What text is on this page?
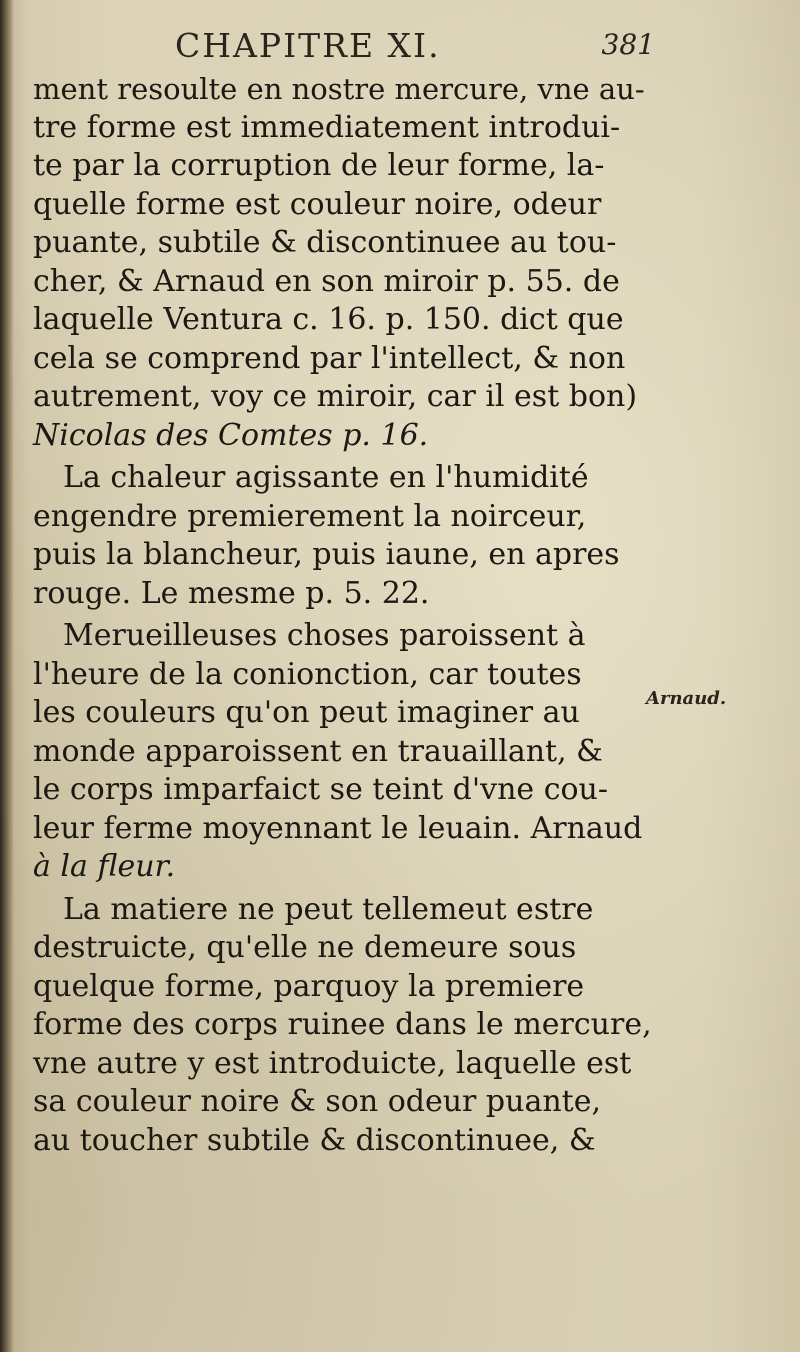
CHAPITRE XI.	381
ment resoulte en nostre mercure, vne au-
tre forme est immediatement introdui-
te par la corruption de leur forme, la-
quelle forme est couleur noire, odeur
puante, subtile & discontinuee au tou-
cher, & Arnaud en son miroir p. 55. de
laquelle Ventura c. 16. p. 150. dict que
cela se comprend par l'intellect, & non
autrement, voy ce miroir, car il est bon)
Nicolas des Comtes p. 16.
La chaleur agissante en l'humidité
engendre premierement la noirceur,
puis la blancheur, puis iaune, en apres
rouge. Le mesme p. 5. 22.
Merueilleuses choses paroissent à
l'heure de la conionction, car toutes
les couleurs qu'on peut imaginer au
monde apparoissent en trauaillant, &
le corps imparfaict se teint d'vne cou-
leur ferme moyennant le leuain. Arnaud
à la fleur.
La matiere ne peut tellemeut estre
destruicte, qu'elle ne demeure sous
quelque forme, parquoy la premiere
forme des corps ruinee dans le mercure,
vne autre y est introduicte, laquelle est
sa couleur noire & son odeur puante,
au toucher subtile & discontinuee, &
Arnaud.
